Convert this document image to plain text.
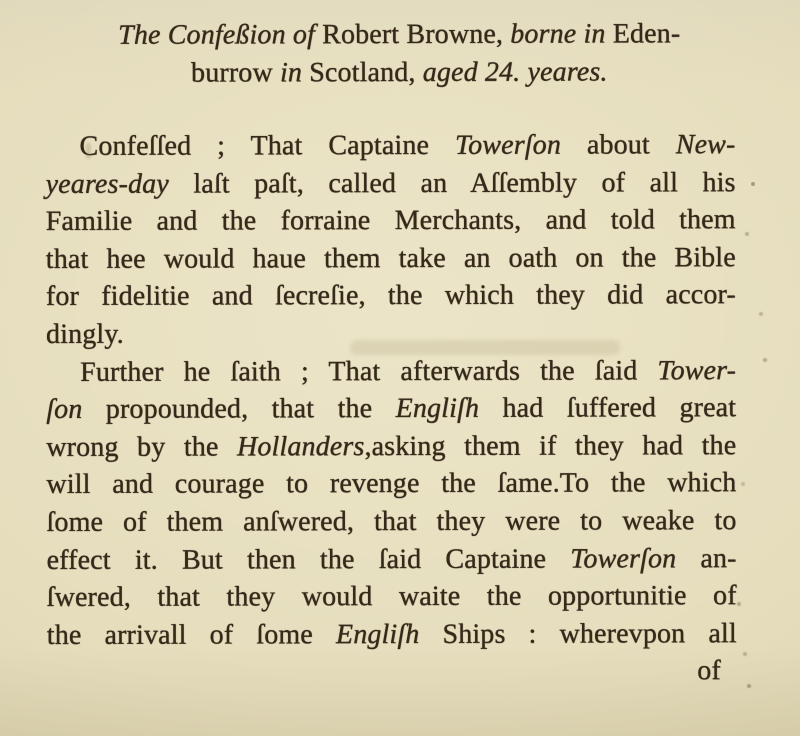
The Confeßion of Robert Browne, borne in Eden-
burrow in Scotland, aged 24. yeares.
Confeſſed ; That Captaine Towerſon about New-
yeares-day laſt paſt, called an Aſſembly of all his
Familie and the forraine Merchants, and told them
that hee would haue them take an oath on the Bible
for fidelitie and ſecreſie, the which they did accor-
dingly.
Further he ſaith ; That afterwards the ſaid Tower-
ſon propounded, that the Engliſh had ſuffered great
wrong by the Hollanders,asking them if they had the
will and courage to revenge the ſame.To the which
ſome of them anſwered, that they were to weake to
effect it. But then the ſaid Captaine Towerſon an-
ſwered, that they would waite the opportunitie of
the arrivall of ſome Engliſh Ships : wherevpon all
of
